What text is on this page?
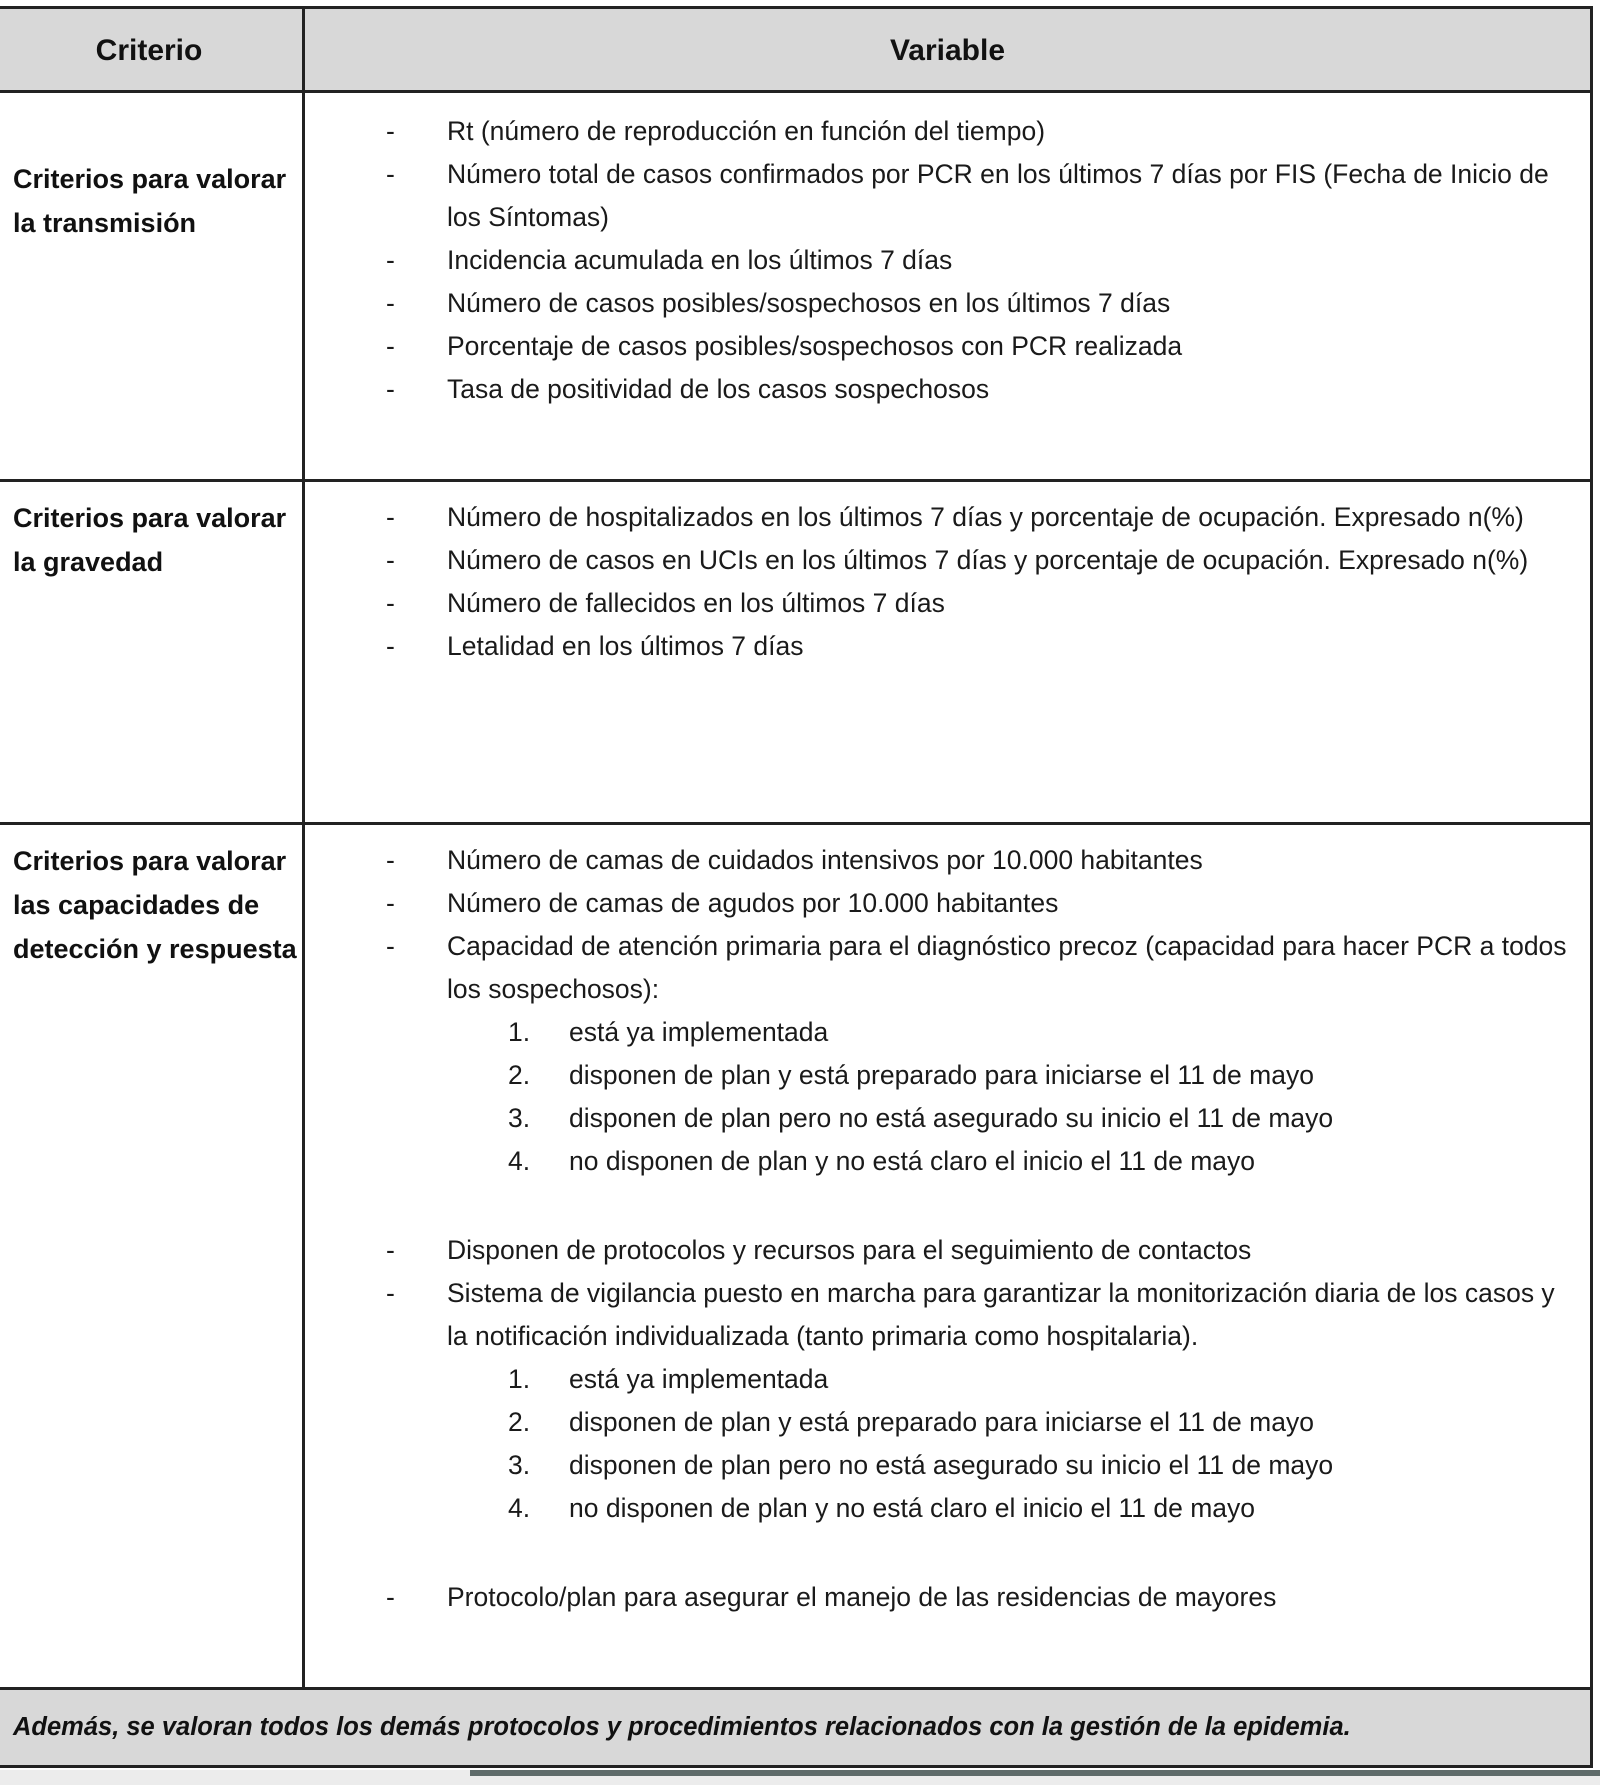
Criterio	Variable
Criterios para valorar la transmisión
- Rt (número de reproducción en función del tiempo)
- Número total de casos confirmados por PCR en los últimos 7 días por FIS (Fecha de Inicio de los Síntomas)
- Incidencia acumulada en los últimos 7 días
- Número de casos posibles/sospechosos en los últimos 7 días
- Porcentaje de casos posibles/sospechosos con PCR realizada
- Tasa de positividad de los casos sospechosos
Criterios para valorar la gravedad
- Número de hospitalizados en los últimos 7 días y porcentaje de ocupación. Expresado n(%)
- Número de casos en UCIs en los últimos 7 días y porcentaje de ocupación. Expresado n(%)
- Número de fallecidos en los últimos 7 días
- Letalidad en los últimos 7 días
Criterios para valorar las capacidades de detección y respuesta
- Número de camas de cuidados intensivos por 10.000 habitantes
- Número de camas de agudos por 10.000 habitantes
- Capacidad de atención primaria para el diagnóstico precoz (capacidad para hacer PCR a todos los sospechosos):
1. está ya implementada
2. disponen de plan y está preparado para iniciarse el 11 de mayo
3. disponen de plan pero no está asegurado su inicio el 11 de mayo
4. no disponen de plan y no está claro el inicio el 11 de mayo
- Disponen de protocolos y recursos para el seguimiento de contactos
- Sistema de vigilancia puesto en marcha para garantizar la monitorización diaria de los casos y la notificación individualizada (tanto primaria como hospitalaria).
1. está ya implementada
2. disponen de plan y está preparado para iniciarse el 11 de mayo
3. disponen de plan pero no está asegurado su inicio el 11 de mayo
4. no disponen de plan y no está claro el inicio el 11 de mayo
- Protocolo/plan para asegurar el manejo de las residencias de mayores
Además, se valoran todos los demás protocolos y procedimientos relacionados con la gestión de la epidemia.
